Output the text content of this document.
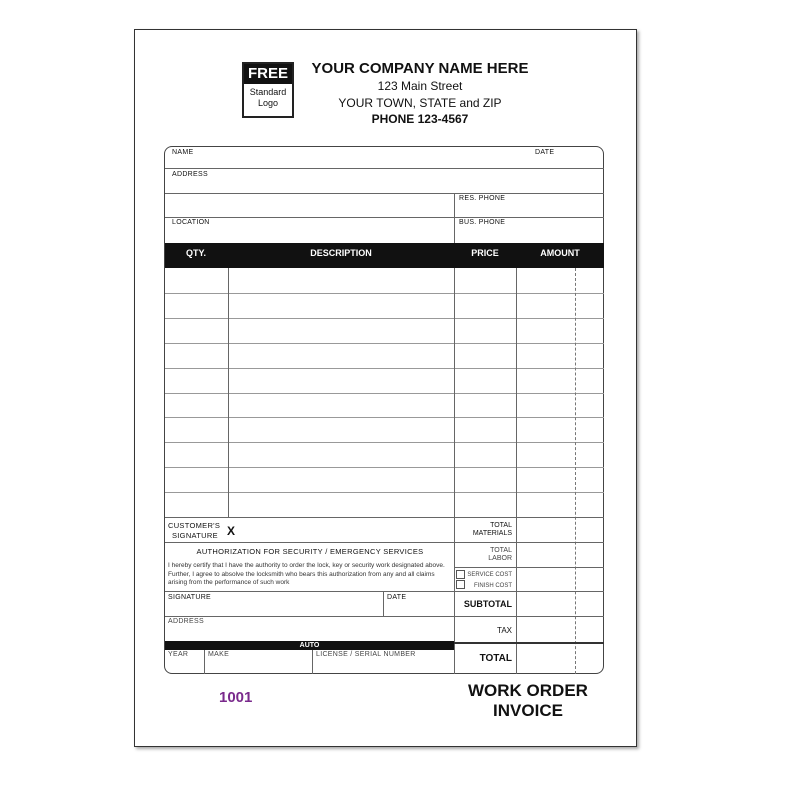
FREE
Standard
Logo
YOUR COMPANY NAME HERE
123 Main Street
YOUR TOWN, STATE and ZIP
PHONE 123-4567
NAME	DATE
ADDRESS
RES. PHONE
LOCATION	BUS. PHONE
QTY.	DESCRIPTION	PRICE	AMOUNT
CUSTOMER'S
SIGNATURE X
AUTHORIZATION FOR SECURITY / EMERGENCY SERVICES
I hereby certify that I have the authority to order the lock, key or security work designated above. Further, I agree to absolve the locksmith who bears this authorization from any and all claims arising from the performance of such work
SIGNATURE	DATE
ADDRESS
AUTO
YEAR	MAKE	LICENSE / SERIAL NUMBER
TOTAL
MATERIALS
TOTAL
LABOR
SERVICE COST
FINISH COST
SUBTOTAL
TAX
TOTAL
1001	WORK ORDER
INVOICE
